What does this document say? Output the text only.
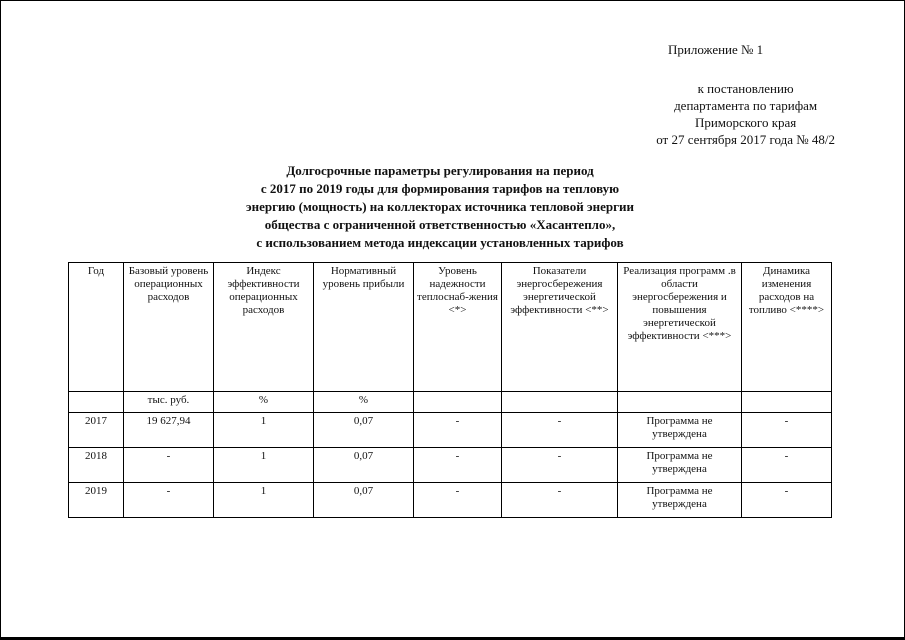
Приложение № 1
к постановлению
департамента по тарифам
Приморского края
от 27 сентября 2017 года № 48/2
Долгосрочные параметры регулирования на период
с 2017 по 2019 годы для формирования тарифов на тепловую
энергию (мощность) на коллекторах источника тепловой энергии
общества с ограниченной ответственностью «Хасантепло»,
с использованием метода индексации установленных тарифов
Год	Базовый уровень операционных расходов	Индекс эффективности операционных расходов	Нормативный уровень прибыли	Уровень надежности теплоснаб-жения <*>	Показатели энергосбережения энергетической эффективности <**>	Реализация программ .в области энергосбережения и повышения энергетической эффективности <***>	Динамика изменения расходов на топливо <****>
	тыс. руб.	%	%				
2017	19 627,94	1	0,07	-	-	Программа не утверждена	-
2018	-	1	0,07	-	-	Программа не утверждена	-
2019	-	1	0,07	-	-	Программа не утверждена	-
